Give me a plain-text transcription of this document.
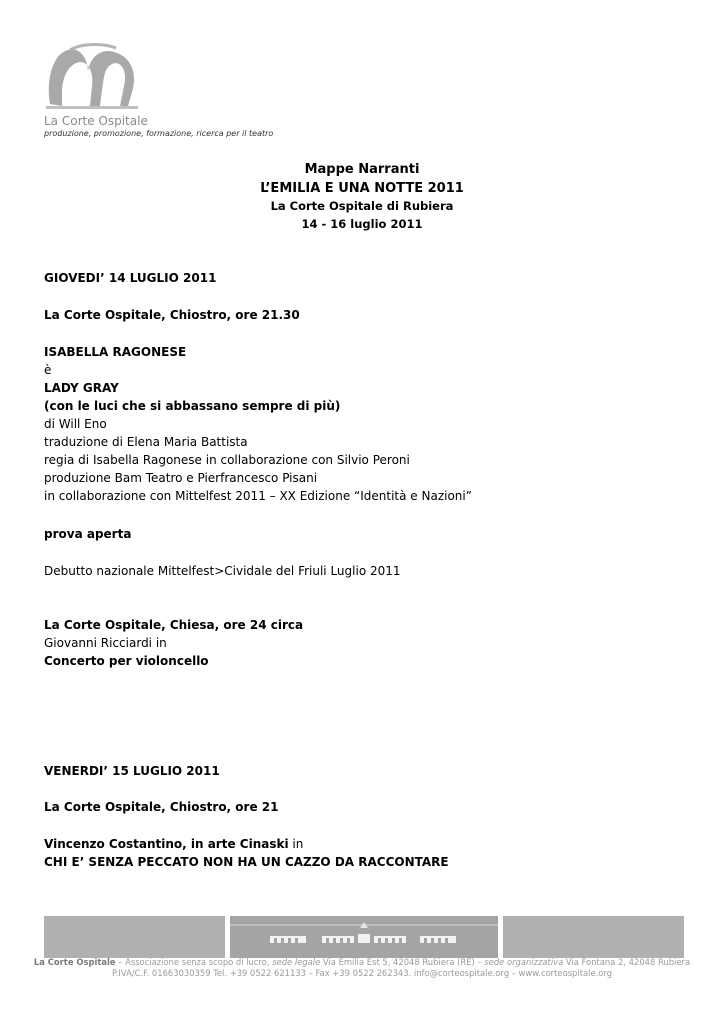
La Corte Ospitale
produzione, promozione, formazione, ricerca per il teatro
Mappe Narranti
L’EMILIA E UNA NOTTE 2011
La Corte Ospitale di Rubiera
14 - 16 luglio 2011
GIOVEDI’ 14 LUGLIO 2011
La Corte Ospitale, Chiostro, ore 21.30
ISABELLA RAGONESE
è
LADY GRAY
(con le luci che si abbassano sempre di più)
di Will Eno
traduzione di Elena Maria Battista
regia di Isabella Ragonese in collaborazione con Silvio Peroni
produzione Bam Teatro e Pierfrancesco Pisani
in collaborazione con Mittelfest 2011 – XX Edizione “Identità e Nazioni”
prova aperta
Debutto nazionale Mittelfest>Cividale del Friuli Luglio 2011
La Corte Ospitale, Chiesa, ore 24 circa
Giovanni Ricciardi in
Concerto per violoncello
VENERDI’ 15 LUGLIO 2011
La Corte Ospitale, Chiostro, ore 21
Vincenzo Costantino, in arte Cinaski in
CHI E’ SENZA PECCATO NON HA UN CAZZO DA RACCONTARE
La Corte Ospitale – Associazione senza scopo di lucro, sede legale Via Emilia Est 5, 42048 Rubiera (RE) – sede organizzativa Via Fontana 2, 42048 Rubiera
P.IVA/C.F. 01663030359 Tel. +39 0522 621133 – Fax +39 0522 262343. info@corteospitale.org – www.corteospitale.org
